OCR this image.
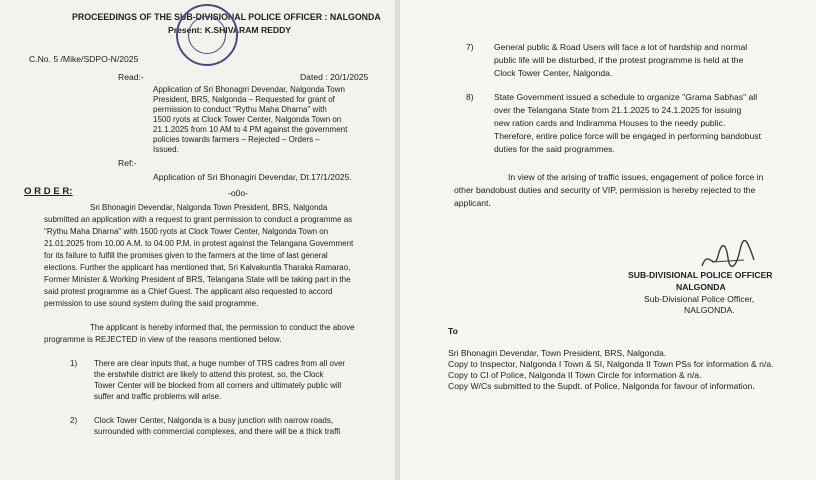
PROCEEDINGS OF THE SUB-DIVISIONAL POLICE OFFICER : NALGONDA
Present: K.SHIVARAM REDDY
C.No. 5 /Mike/SDPO-N/2025
Dated : 20/1/2025
Read:-
Application of Sri Bhonagiri Devendar, Nalgonda Town
President, BRS, Nalgonda – Requested for grant of
permission to conduct "Rythu Maha Dharna" with
1500 ryots at Clock Tower Center, Nalgonda Town on
21.1.2025 from 10 AM to 4 PM against the government
policies towards farmers – Rejected – Orders –
Issued.
Ref:-
Application of Sri Bhonagiri Devendar, Dt.17/1/2025.
O R D E R:	-o0o-
Sri Bhonagiri Devendar, Nalgonda Town President, BRS, Nalgonda
submitted an application with a request to grant permission to conduct a programme as
"Rythu Maha Dharna" with 1500 ryots at Clock Tower Center, Nalgonda Town on
21.01.2025 from 10.00 A.M. to 04.00 P.M. in protest against the Telangana Government
for its failure to fulfill the promises given to the farmers at the time of last general
elections. Further the applicant has mentioned that, Sri Kalvakuntla Tharaka Ramarao,
Former Minister & Working President of BRS, Telangana State will be taking part in the
said protest programme as a Chief Guest. The applicant also requested to accord
permission to use sound system during the said programme.
The applicant is hereby informed that, the permission to conduct the above
programme is REJECTED in view of the reasons mentioned below.
1) There are clear inputs that, a huge number of TRS cadres from all over
the erstwhile district are likely to attend this protest, so, the Clock
Tower Center will be blocked from all corners and ultimately public will
suffer and traffic problems will arise.
2) Clock Tower Center, Nalgonda is a busy junction with narrow roads,
surrounded with commercial complexes, and there will be a thick traffi
7) General public & Road Users will face a lot of hardship and normal
public life will be disturbed, if the protest programme is held at the
Clock Tower Center, Nalgonda.
8) State Government issued a schedule to organize "Grama Sabhas" all
over the Telangana State from 21.1.2025 to 24.1.2025 for issuing
new ration cards and Indiramma Houses to the needy public.
Therefore, entire police force will be engaged in performing bandobust
duties for the said programmes.
In view of the arising of traffic issues, engagement of police force in
other bandobust duties and security of VIP, permission is hereby rejected to the
applicant.
SUB-DIVISIONAL POLICE OFFICER
NALGONDA
Sub-Divisional Police Officer,
NALGONDA.
To
Sri Bhonagiri Devendar, Town President, BRS, Nalgonda.
Copy to Inspector, Nalgonda I Town & SI, Nalgonda II Town PSs for information & n/a.
Copy to CI of Police, Nalgonda II Town Circle for information & n/a.
Copy W/Cs submitted to the Supdt. of Police, Nalgonda for favour of information.
